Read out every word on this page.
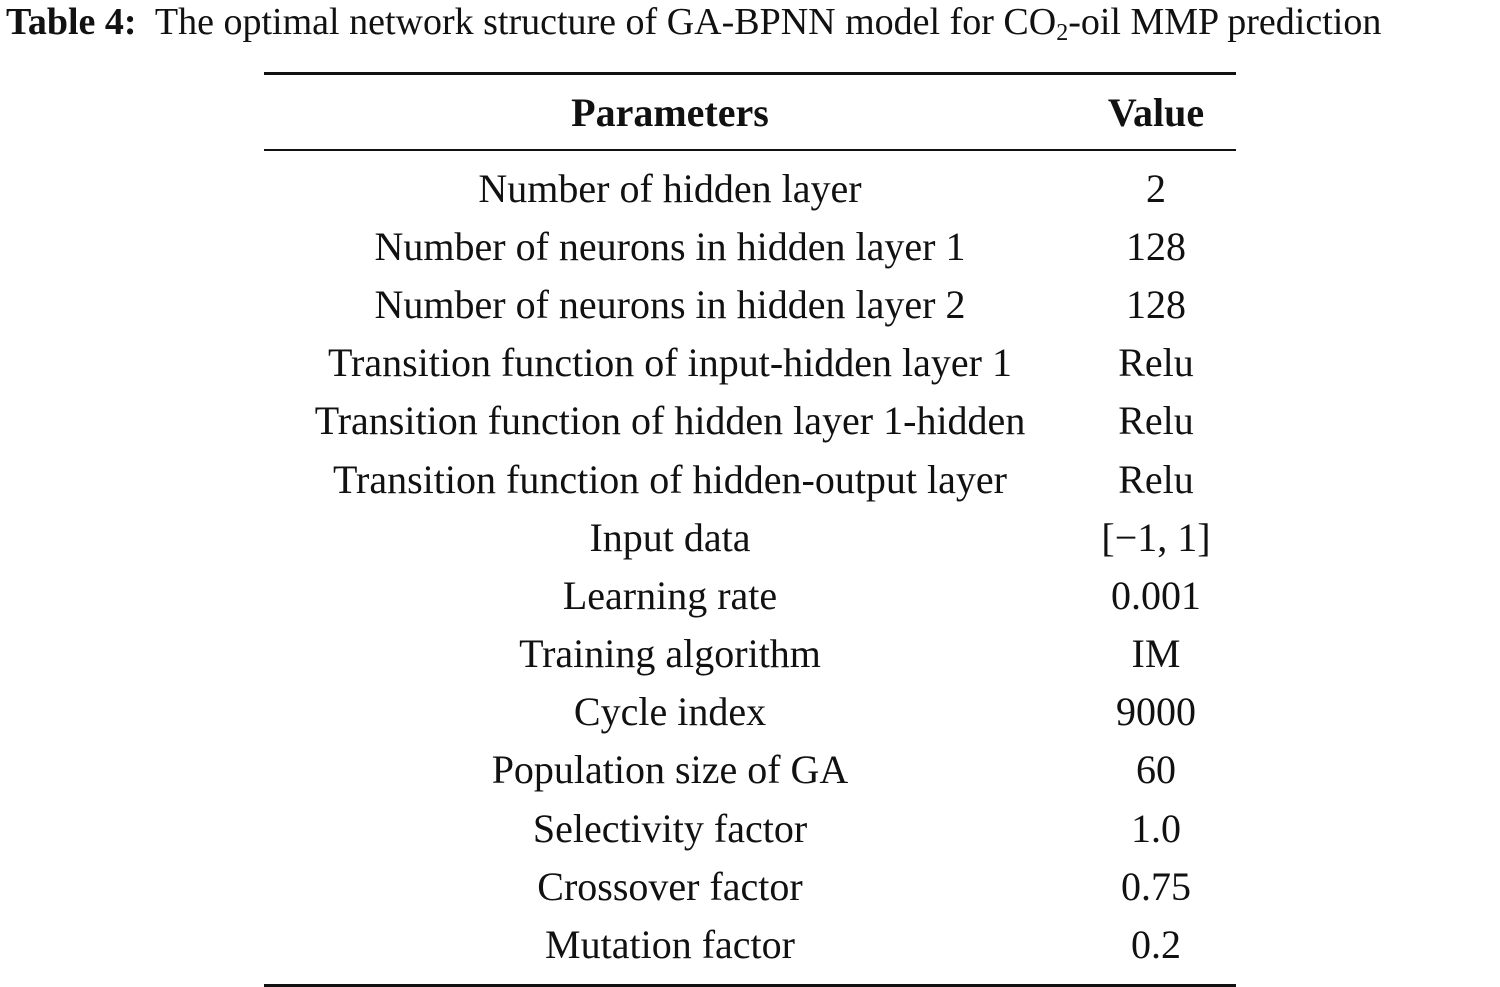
Table 4: The optimal network structure of GA-BPNN model for $CO_2$-oil MMP prediction
Parameters	Value
Number of hidden layer	2
Number of neurons in hidden layer 1	128
Number of neurons in hidden layer 2	128
Transition function of input-hidden layer 1	Relu
Transition function of hidden layer 1-hidden	Relu
Transition function of hidden-output layer	Relu
Input data	[−1, 1]
Learning rate	0.001
Training algorithm	IM
Cycle index	9000
Population size of GA	60
Selectivity factor	1.0
Crossover factor	0.75
Mutation factor	0.2
